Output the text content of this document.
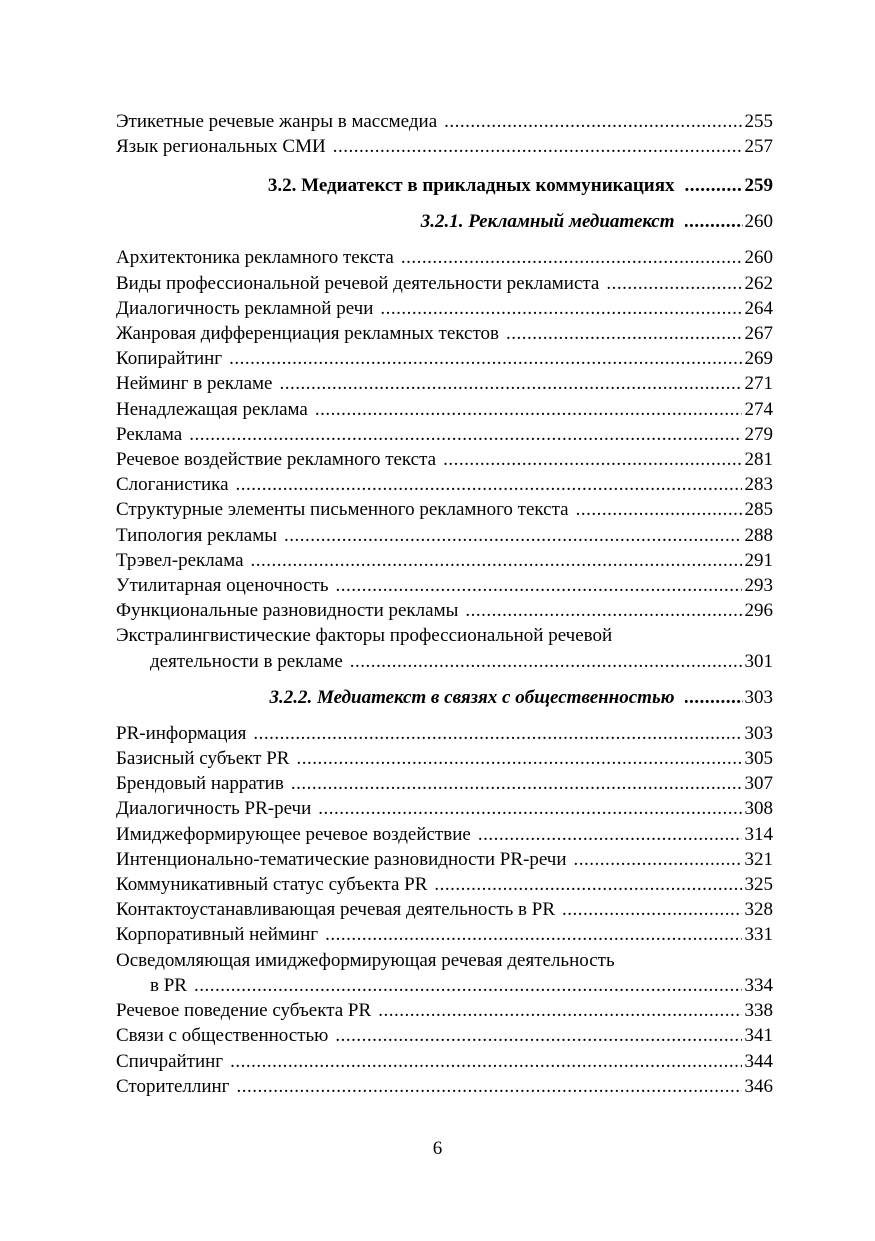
Этикетные речевые жанры в массмедиа .....	255
Язык региональных СМИ .....	257
3.2. Медиатекст в прикладных коммуникациях .....	259
3.2.1. Рекламный медиатекст .....	260
Архитектоника рекламного текста .....	260
Виды профессиональной речевой деятельности рекламиста .....	262
Диалогичность рекламной речи .....	264
Жанровая дифференциация рекламных текстов .....	267
Копирайтинг .....	269
Нейминг в рекламе .....	271
Ненадлежащая реклама .....	274
Реклама .....	279
Речевое воздействие рекламного текста .....	281
Слоганистика .....	283
Структурные элементы письменного рекламного текста .....	285
Типология рекламы .....	288
Трэвел-реклама .....	291
Утилитарная оценочность .....	293
Функциональные разновидности рекламы .....	296
Экстралингвистические факторы профессиональной речевой
деятельности в рекламе .....	301
3.2.2. Медиатекст в связях с общественностью .....	303
PR-информация .....	303
Базисный субъект PR .....	305
Брендовый нарратив .....	307
Диалогичность PR-речи .....	308
Имиджеформирующее речевое воздействие .....	314
Интенционально-тематические разновидности PR-речи .....	321
Коммуникативный статус субъекта PR .....	325
Контактоустанавливающая речевая деятельность в PR .....	328
Корпоративный нейминг .....	331
Осведомляющая имиджеформирующая речевая деятельность
в PR .....	334
Речевое поведение субъекта PR .....	338
Связи с общественностью .....	341
Спичрайтинг .....	344
Сторителлинг .....	346
6
